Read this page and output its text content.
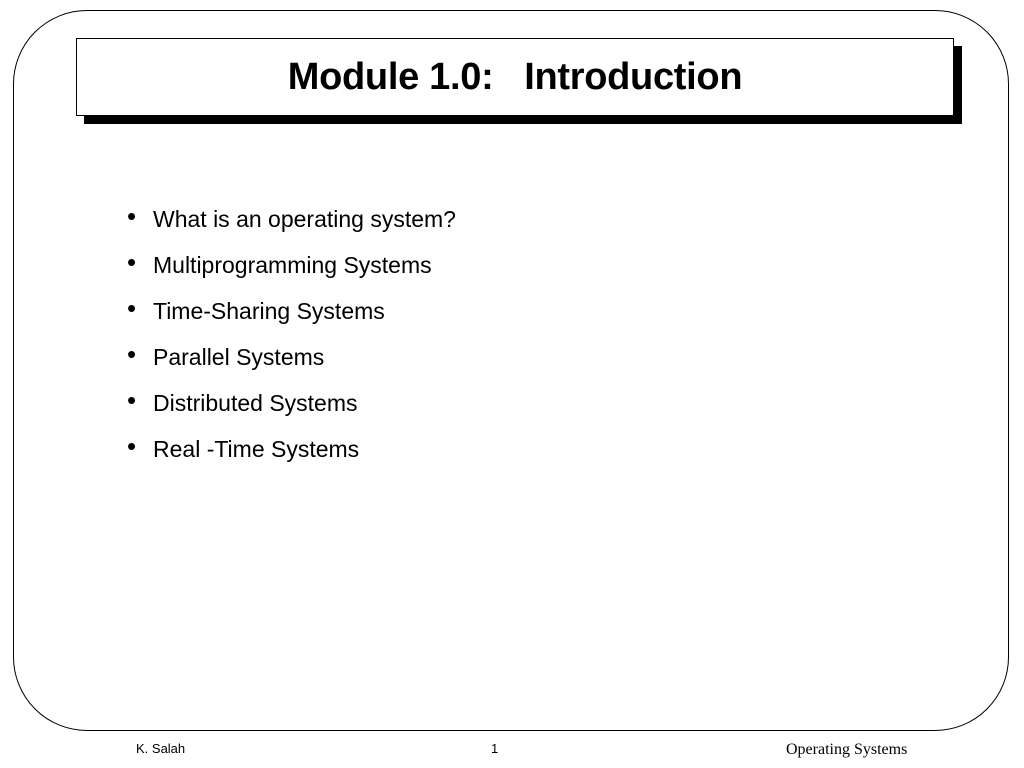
Module 1.0:   Introduction
• What is an operating system?
• Multiprogramming Systems
• Time-Sharing Systems
• Parallel Systems
• Distributed Systems
• Real -Time Systems
K. Salah	1	Operating Systems
